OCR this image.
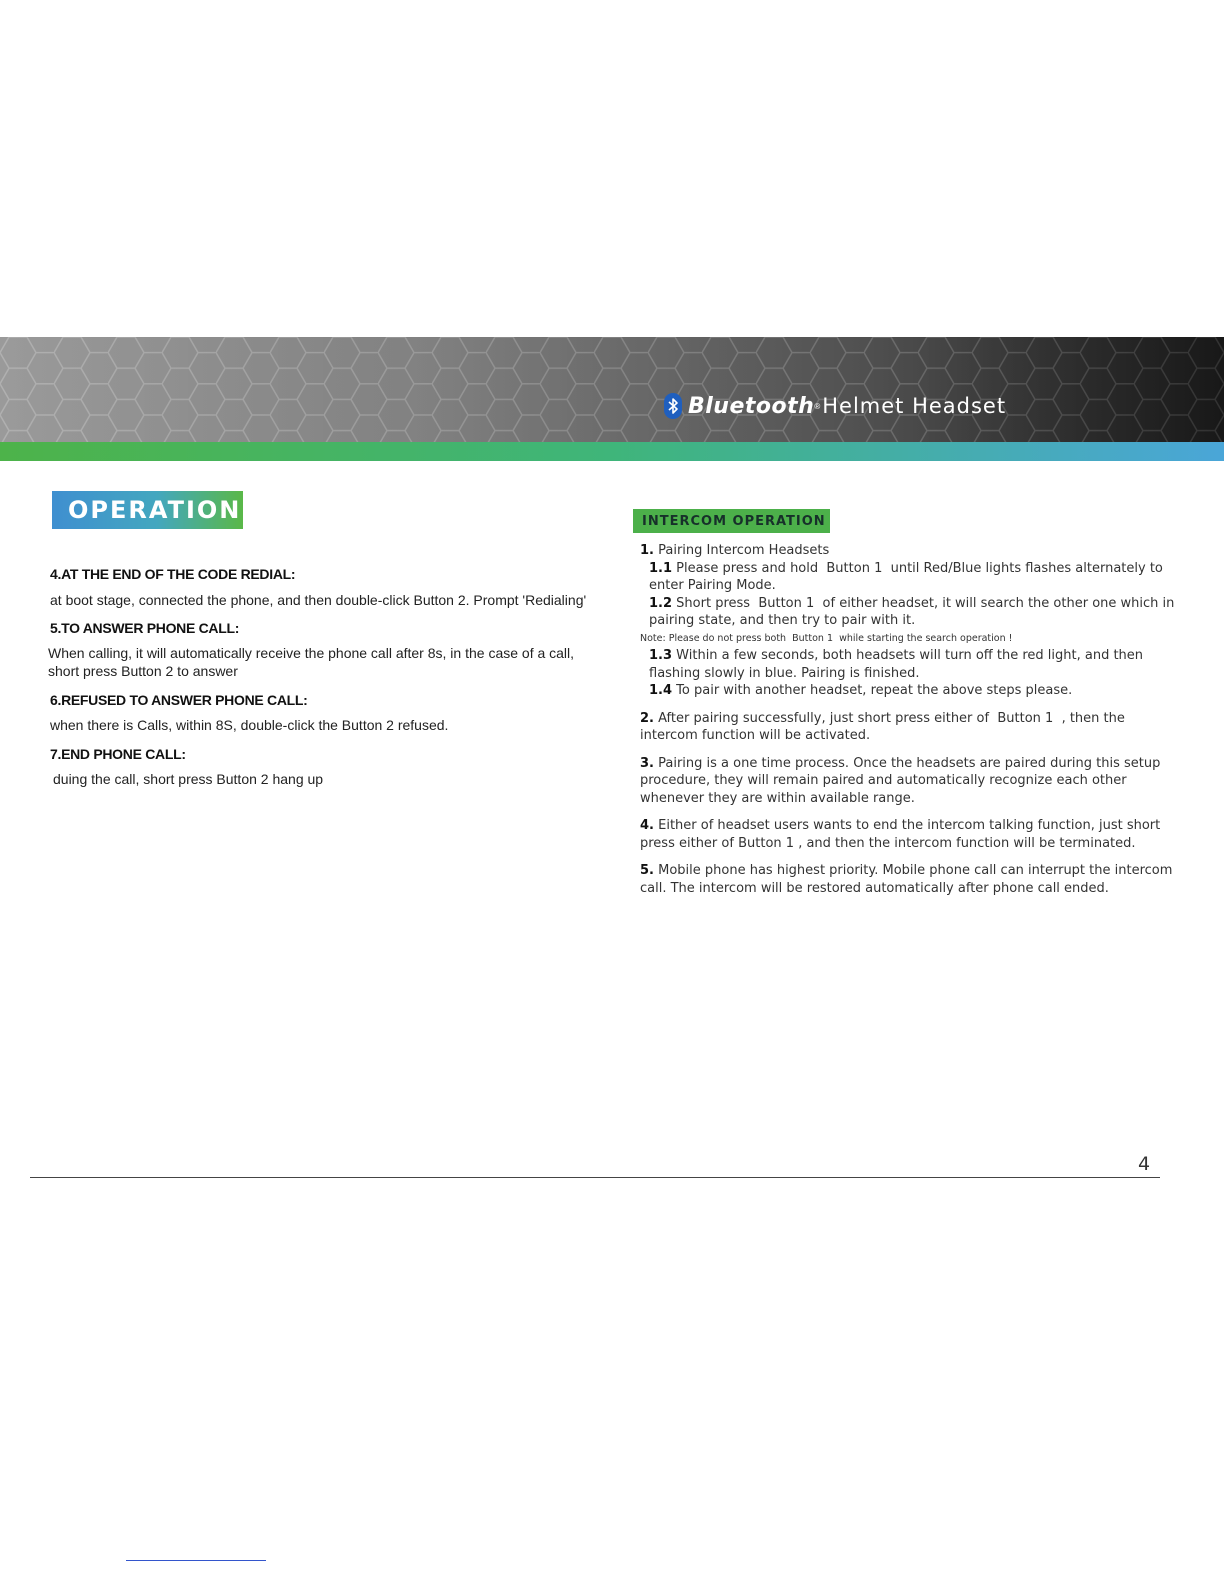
Bluetooth ® Helmet Headset
OPERATION
4.AT THE END OF THE CODE REDIAL:
at boot stage, connected the phone, and then double-click Button 2. Prompt 'Redialing'
5.TO ANSWER PHONE CALL:
When calling, it will automatically receive the phone call after 8s, in the case of a call, short press Button 2 to answer
6.REFUSED TO ANSWER PHONE CALL:
when there is Calls, within 8S, double-click the Button 2 refused.
7.END PHONE CALL:
duing the call, short press Button 2 hang up
INTERCOM OPERATION

1. Pairing Intercom Headsets

1.1 Please press and hold Button 1 until Red/Blue lights flashes alternately to enter Pairing Mode.

1.2 Short press Button 1 of either headset, it will search the other one which in pairing state, and then try to pair with it.

Note: Please do not press both Button 1 while starting the search operation !

1.3 Within a few seconds, both headsets will turn off the red light, and then flashing slowly in blue. Pairing is finished.

1.4 To pair with another headset, repeat the above steps please.

2. After pairing successfully, just short press either of Button 1 , then the intercom function will be activated.

3. Pairing is a one time process. Once the headsets are paired during this setup procedure, they will remain paired and automatically recognize each other whenever they are within available range.

4. Either of headset users wants to end the intercom talking function, just short press either of Button 1 , and then the intercom function will be terminated.

5. Mobile phone has highest priority. Mobile phone call can interrupt the intercom call. The intercom will be restored automatically after phone call ended.

4
